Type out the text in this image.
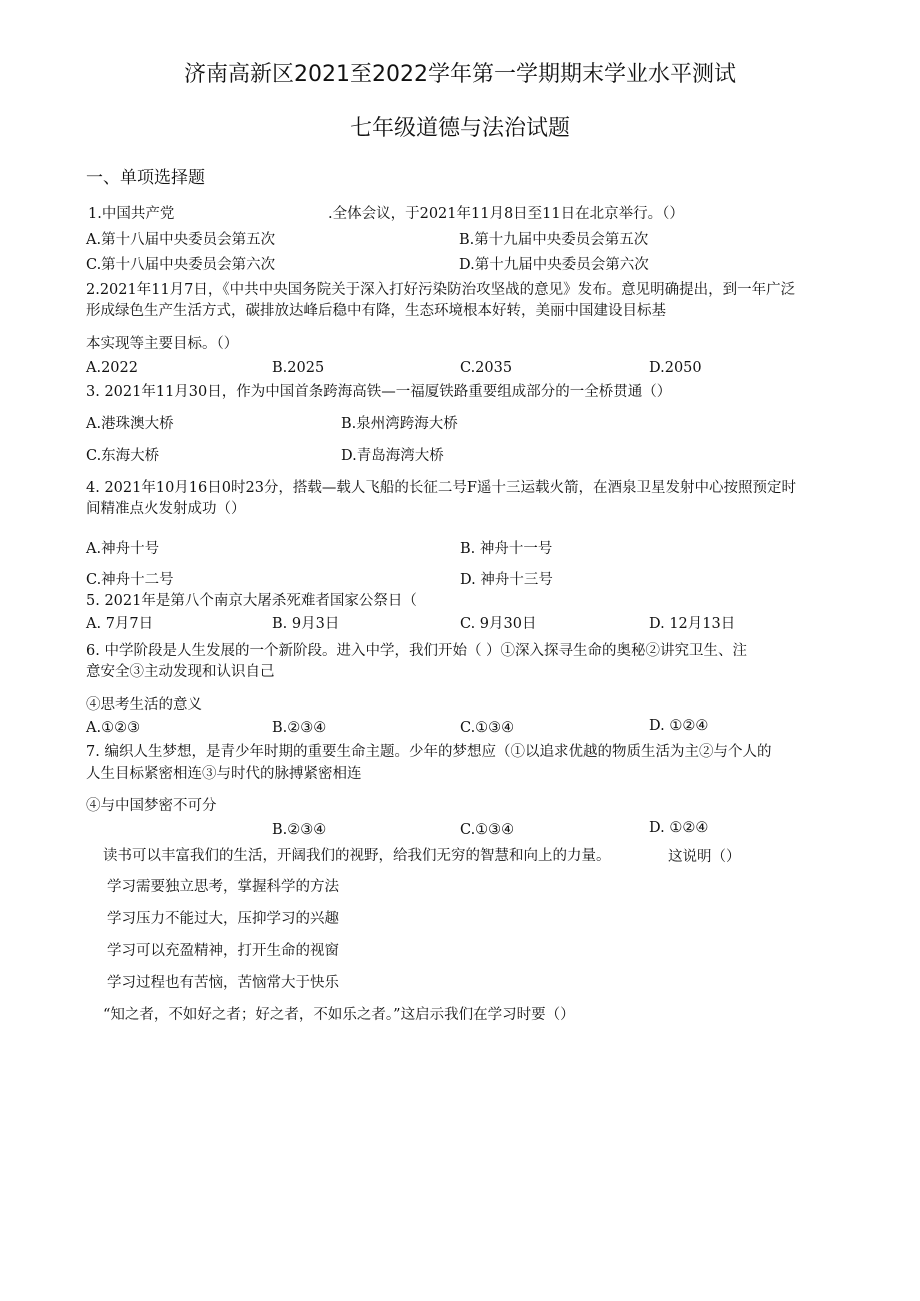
济南高新区2021至2022学年第一学期期末学业水平测试
七年级道德与法治试题
一、单项选择题
1.中国共产党	.全体会议，于2021年11月8日至11日在北京举行。（）
A.第十八届中央委员会第五次	B.第十九届中央委员会第五次
C.第十八届中央委员会第六次	D.第十九届中央委员会第六次
2.2021年11月7日，《中共中央国务院关于深入打好污染防治攻坚战的意见》发布。意见明确提出，到一年广泛
形成绿色生产生活方式，碳排放达峰后稳中有降，生态环境根本好转，美丽中国建设目标基
本实现等主要目标。（）
A.2022	B.2025	C.2035	D.2050
3. 2021年11月30日，作为中国首条跨海高铁—一福厦铁路重要组成部分的一全桥贯通（）
A.港珠澳大桥	B.泉州湾跨海大桥
C.东海大桥	D.青岛海湾大桥
4. 2021年10月16日0时23分，搭载—载人飞船的长征二号F遥十三运载火箭，在酒泉卫星发射中心按照预定时
间精准点火发射成功（）
A.神舟十号	B. 神舟十一号
C.神舟十二号	D. 神舟十三号
5. 2021年是第八个南京大屠杀死难者国家公祭日（
A. 7月7日	B. 9月3日	C. 9月30日	D. 12月13日
6. 中学阶段是人生发展的一个新阶段。进入中学，我们开始（ ）①深入探寻生命的奥秘②讲究卫生、注
意安全③主动发现和认识自己
④思考生活的意义
A.①②③	B.②③④	C.①③④	D. ①②④
7. 编织人生梦想，是青少年时期的重要生命主题。少年的梦想应（①以追求优越的物质生活为主②与个人的
人生目标紧密相连③与时代的脉搏紧密相连
④与中国梦密不可分
B.②③④	C.①③④	D. ①②④
读书可以丰富我们的生活，开阔我们的视野，给我们无穷的智慧和向上的力量。	这说明（）
学习需要独立思考，掌握科学的方法
学习压力不能过大，压抑学习的兴趣
学习可以充盈精神，打开生命的视窗
学习过程也有苦恼，苦恼常大于快乐
“知之者，不如好之者；好之者，不如乐之者。”这启示我们在学习时要（）
